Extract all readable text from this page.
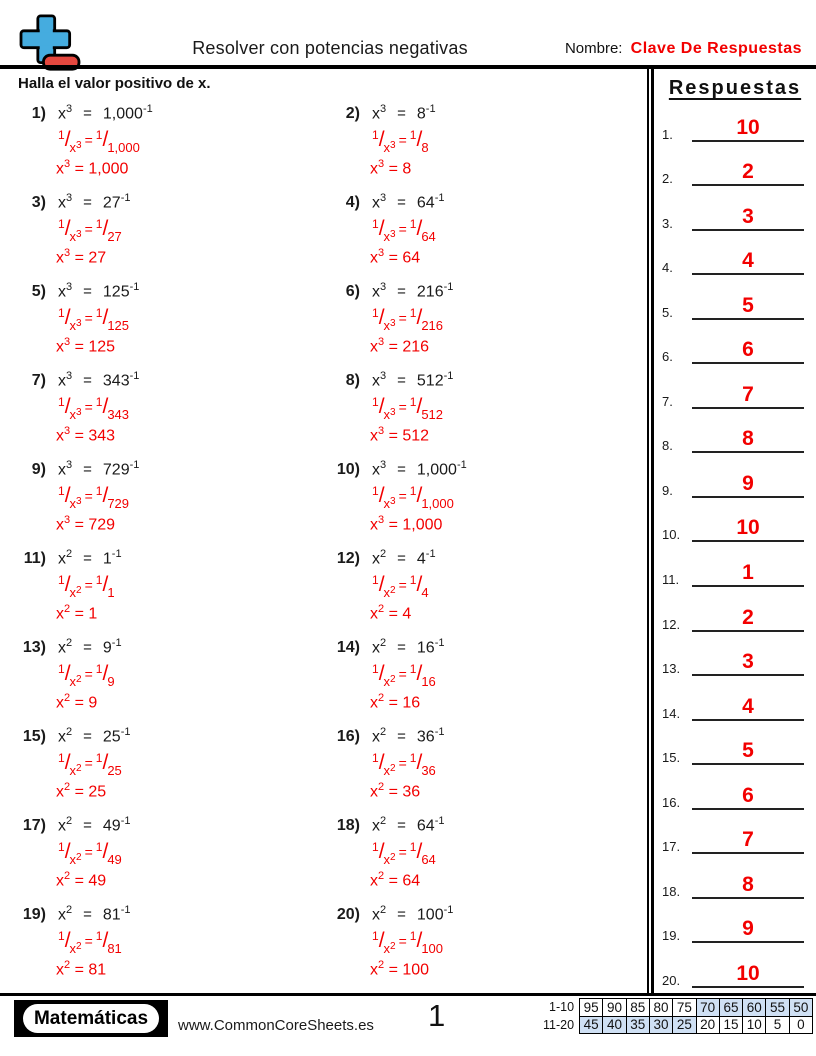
Resolver con potencias negativas	Nombre: Clave De Respuestas
Halla el valor positivo de x.
1) $x^3 = 1,000^{-1}$
$^1/_{x^3} = ^1/_{1,000}$
$x^3 = 1,000$
2) $x^3 = 8^{-1}$
$^1/_{x^3} = ^1/_8$
$x^3 = 8$
3) $x^3 = 27^{-1}$
$^1/_{x^3} = ^1/_{27}$
$x^3 = 27$
4) $x^3 = 64^{-1}$
$^1/_{x^3} = ^1/_{64}$
$x^3 = 64$
5) $x^3 = 125^{-1}$
$^1/_{x^3} = ^1/_{125}$
$x^3 = 125$
6) $x^3 = 216^{-1}$
$^1/_{x^3} = ^1/_{216}$
$x^3 = 216$
7) $x^3 = 343^{-1}$
$^1/_{x^3} = ^1/_{343}$
$x^3 = 343$
8) $x^3 = 512^{-1}$
$^1/_{x^3} = ^1/_{512}$
$x^3 = 512$
9) $x^3 = 729^{-1}$
$^1/_{x^3} = ^1/_{729}$
$x^3 = 729$
10) $x^3 = 1,000^{-1}$
$^1/_{x^3} = ^1/_{1,000}$
$x^3 = 1,000$
11) $x^2 = 1^{-1}$
$^1/_{x^2} = ^1/_1$
$x^2 = 1$
12) $x^2 = 4^{-1}$
$^1/_{x^2} = ^1/_4$
$x^2 = 4$
13) $x^2 = 9^{-1}$
$^1/_{x^2} = ^1/_9$
$x^2 = 9$
14) $x^2 = 16^{-1}$
$^1/_{x^2} = ^1/_{16}$
$x^2 = 16$
15) $x^2 = 25^{-1}$
$^1/_{x^2} = ^1/_{25}$
$x^2 = 25$
16) $x^2 = 36^{-1}$
$^1/_{x^2} = ^1/_{36}$
$x^2 = 36$
17) $x^2 = 49^{-1}$
$^1/_{x^2} = ^1/_{49}$
$x^2 = 49$
18) $x^2 = 64^{-1}$
$^1/_{x^2} = ^1/_{64}$
$x^2 = 64$
19) $x^2 = 81^{-1}$
$^1/_{x^2} = ^1/_{81}$
$x^2 = 81$
20) $x^2 = 100^{-1}$
$^1/_{x^2} = ^1/_{100}$
$x^2 = 100$
Respuestas
1.	10
2.	2
3.	3
4.	4
5.	5
6.	6
7.	7
8.	8
9.	9
10.	10
11.	1
12.	2
13.	3
14.	4
15.	5
16.	6
17.	7
18.	8
19.	9
20.	10
Matemáticas	www.CommonCoreSheets.es 1	1-10	95	90	85	80	75	70	65	60	55	50
11-20	45	40	35	30	25	20	15	10	5	0
